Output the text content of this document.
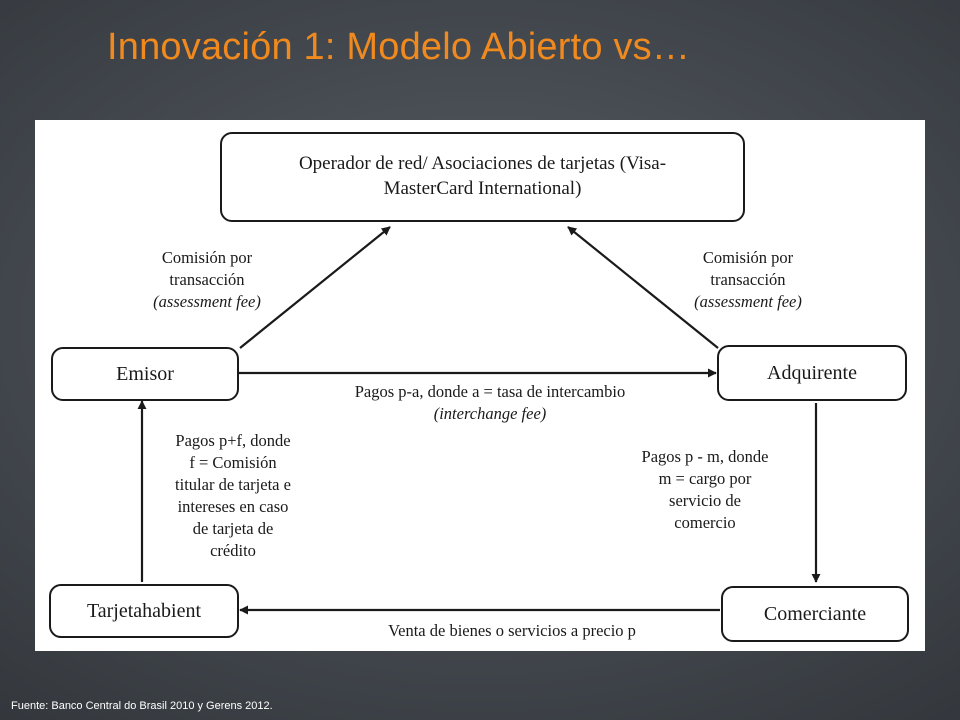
Innovación 1: Modelo Abierto vs…
Operador de red/ Asociaciones de tarjetas (Visa-
MasterCard International)
Emisor	Adquirente
Tarjetahabient	Comerciante
Comisión por
transacción
(assessment fee)
Comisión por
transacción
(assessment fee)
Pagos p-a, donde a = tasa de intercambio
(interchange fee)
Pagos p+f, donde
f = Comisión
titular de tarjeta e
intereses en caso
de tarjeta de
crédito
Pagos p - m, donde
m = cargo por
servicio de
comercio
Venta de bienes o servicios a precio p
Fuente: Banco Central do Brasil 2010 y Gerens 2012.
